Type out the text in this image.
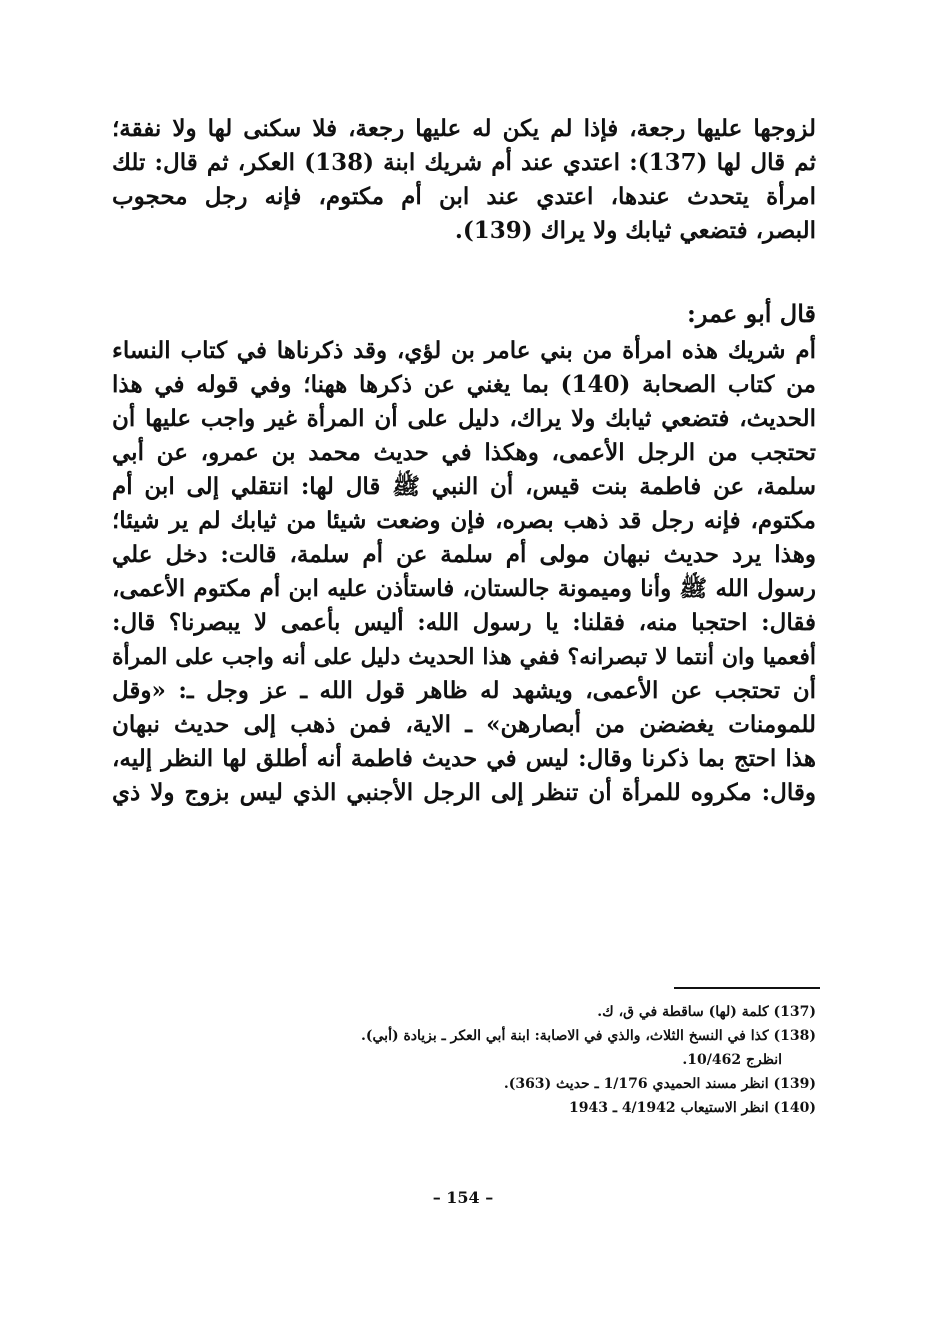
لزوجها عليها رجعة، فإذا لم يكن له عليها رجعة، فلا سكنى لها ولا نفقة؛
ثم قال لها (137): اعتدي عند أم شريك ابنة (138) العكر، ثم قال: تلك
امرأة يتحدث عندها، اعتدي عند ابن أم مكتوم، فإنه رجل محجوب
البصر، فتضعي ثيابك ولا يراك (139).
قال أبو عمر:
أم شريك هذه امرأة من بني عامر بن لؤي، وقد ذكرناها في كتاب النساء
من كتاب الصحابة (140) بما يغني عن ذكرها ههنا؛ وفي قوله في هذا
الحديث، فتضعي ثيابك ولا يراك، دليل على أن المرأة غير واجب عليها أن
تحتجب من الرجل الأعمى، وهكذا في حديث محمد بن عمرو، عن أبي
سلمة، عن فاطمة بنت قيس، أن النبي ﷺ قال لها: انتقلي إلى ابن أم
مكتوم، فإنه رجل قد ذهب بصره، فإن وضعت شيئا من ثيابك لم ير شيئا؛
وهذا يرد حديث نبهان مولى أم سلمة عن أم سلمة، قالت: دخل علي
رسول الله ﷺ وأنا وميمونة جالستان، فاستأذن عليه ابن أم مكتوم الأعمى،
فقال: احتجبا منه، فقلنا: يا رسول الله: أليس بأعمى لا يبصرنا؟ قال:
أفعميا وان أنتما لا تبصرانه؟ ففي هذا الحديث دليل على أنه واجب على المرأة
أن تحتجب عن الأعمى، ويشهد له ظاهر قول الله ـ عز وجل ـ: «وقل
للمومنات يغضضن من أبصارهن» ـ الاية، فمن ذهب إلى حديث نبهان
هذا احتج بما ذكرنا وقال: ليس في حديث فاطمة أنه أطلق لها النظر إليه،
وقال: مكروه للمرأة أن تنظر إلى الرجل الأجنبي الذي ليس بزوج ولا ذي
(137) كلمة (لها) ساقطة في ق، ك.
(138) كذا في النسخ الثلاث، والذي في الاصابة: ابنة أبي العكر ـ بزيادة (أبي).
انظرج 10/462.
(139) انظر مسند الحميدي 1/176 ـ حديث (363).
(140) انظر الاستيعاب 4/1942 ـ 1943
– 154 –
